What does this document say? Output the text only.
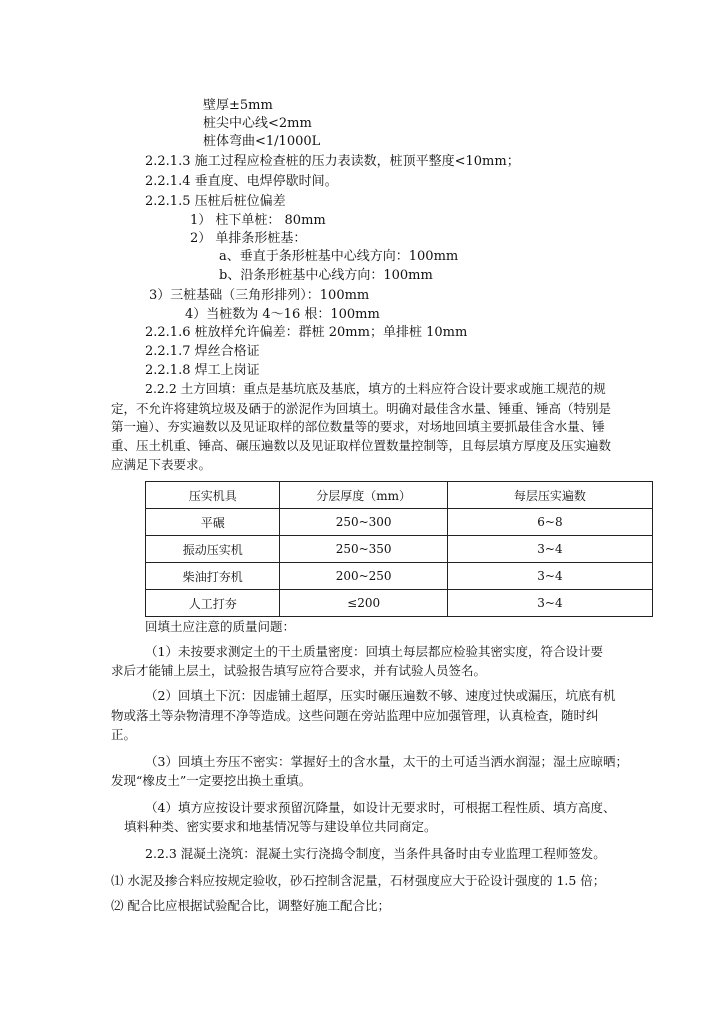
壁厚±5mm
桩尖中心线<2mm
桩体弯曲<1/1000L
2.2.1.3 施工过程应检查桩的压力表读数，桩顶平整度<10mm；
2.2.1.4 垂直度、电焊停歇时间。
2.2.1.5 压桩后桩位偏差
1） 柱下单桩： 80mm
2） 单排条形桩基：
a、垂直于条形桩基中心线方向：100mm
b、沿条形桩基中心线方向：100mm
3）三桩基础（三角形排列）：100mm
4）当桩数为 4～16 根：100mm
2.2.1.6 桩放样允许偏差：群桩 20mm；单排桩 10mm
2.2.1.7 焊丝合格证
2.2.1.8 焊工上岗证
2.2.2 土方回填：重点是基坑底及基底，填方的土料应符合设计要求或施工规范的规
定，不允许将建筑垃圾及硒于的淤泥作为回填土。明确对最佳含水量、锤重、锤高（特别是
第一遍）、夯实遍数以及见证取样的部位数量等的要求，对场地回填主要抓最佳含水量、锤
重、压土机重、锤高、碾压遍数以及见证取样位置数量控制等，且每层填方厚度及压实遍数
应满足下表要求。
压实机具	分层厚度（mm）	每层压实遍数
平碾	250~300	6~8
振动压实机	250~350	3~4
柴油打夯机	200~250	3~4
人工打夯	≤200	3~4
回填土应注意的质量问题：
（1）未按要求测定土的干土质量密度：回填土每层都应检验其密实度，符合设计要
求后才能铺上层土，试验报告填写应符合要求，并有试验人员签名。
（2）回填土下沉：因虚铺土超厚，压实时碾压遍数不够、速度过快或漏压，坑底有机
物或落土等杂物清理不净等造成。这些问题在旁站监理中应加强管理，认真检查，随时纠
正。
（3）回填土夯压不密实：掌握好土的含水量，太干的土可适当洒水润湿；湿土应晾晒；
发现“橡皮土”一定要挖出换土重填。
（4）填方应按设计要求预留沉降量，如设计无要求时，可根据工程性质、填方高度、
填料种类、密实要求和地基情况等与建设单位共同商定。
2.2.3 混凝土浇筑：混凝土实行浇捣令制度，当条件具备时由专业监理工程师签发。
⑴ 水泥及掺合料应按规定验收，砂石控制含泥量，石材强度应大于砼设计强度的 1.5 倍；
⑵ 配合比应根据试验配合比，调整好施工配合比；
